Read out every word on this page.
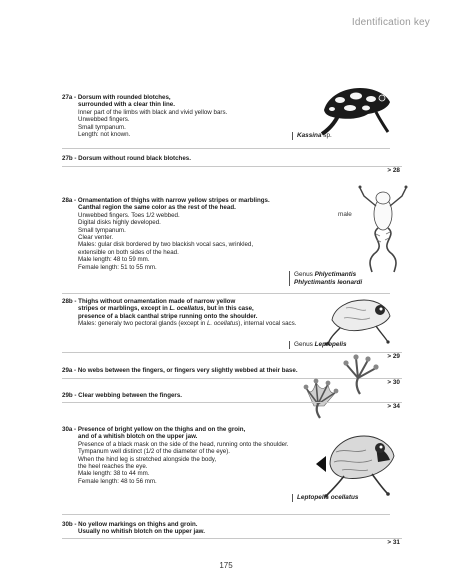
Identification key
27a - Dorsum with rounded blotches,
surrounded with a clear thin line.
Inner part of the limbs with black and vivid yellow bars.
Unwebbed fingers.
Small tympanum.
Length: not known.	Kassina sp.
27b - Dorsum without round black blotches.
> 28
28a - Ornamentation of thighs with narrow yellow stripes or marblings.
Canthal region the same color as the rest of the head.
Unwebbed fingers. Toes 1/2 webbed.
Digital disks highly developed.
Small tympanum.
Clear venter.
Males: gular disk bordered by two blackish vocal sacs, wrinkled,
extensible on both sides of the head.
Male length: 48 to 59 mm.
Female length: 51 to 55 mm.
male
Genus Phlyctimantis
Phlyctimantis leonardi
28b - Thighs without ornamentation made of narrow yellow
stripes or marblings, except in L. ocellatus, but in this case,
presence of a black canthal stripe running onto the shoulder.
Males: generaly two pectoral glands (except in L. ocellatus), internal vocal sacs.
Genus Leptopelis
> 29
29a - No webs between the fingers, or fingers very slightly webbed at their base.
> 30
29b - Clear webbing between the fingers.
> 34
30a - Presence of bright yellow on the thighs and on the groin,
and of a whitish blotch on the upper jaw.
Presence of a black mask on the side of the head, running onto the shoulder.
Tympanum well distinct (1/2 of the diameter of the eye).
When the hind leg is stretched alongside the body,
the heel reaches the eye.
Male length: 38 to 44 mm.
Female length: 48 to 56 mm.
Leptopelis ocellatus
30b - No yellow markings on thighs and groin.
Usually no whitish blotch on the upper jaw.
> 31
175
